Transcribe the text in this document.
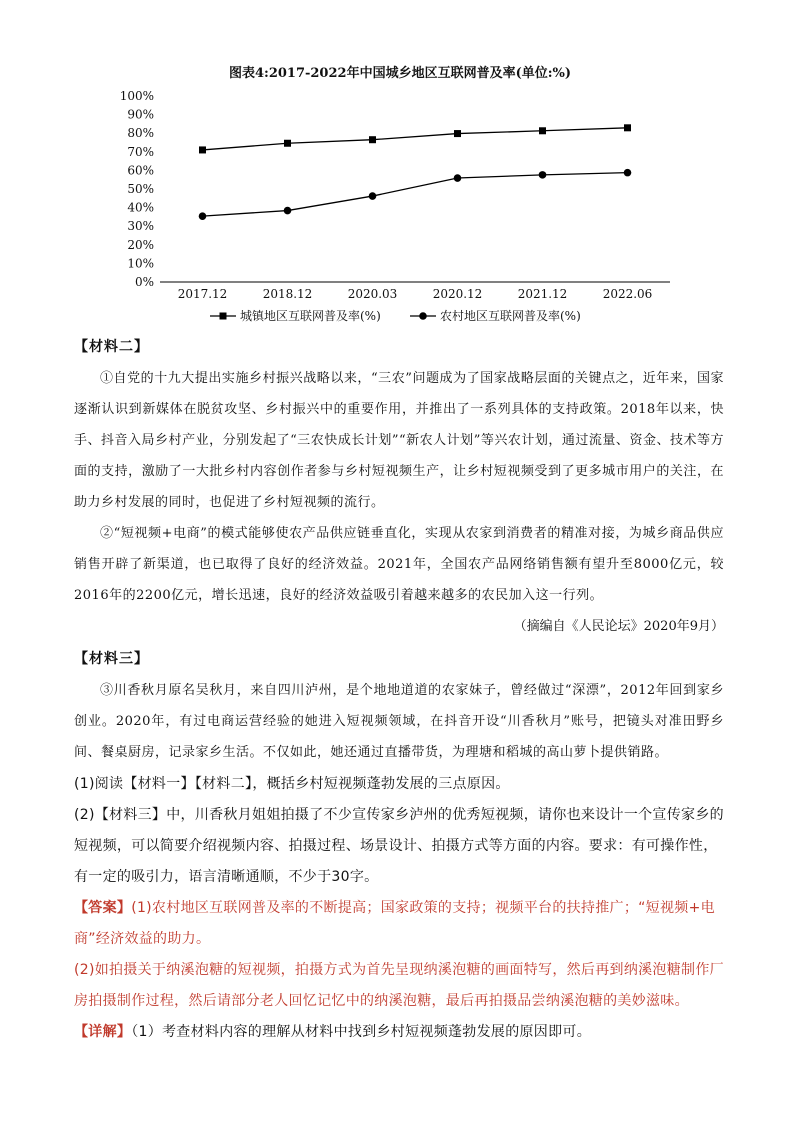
图表4:2017-2022年中国城乡地区互联网普及率(单位:%)
100%
90%
80%
70%
60%
50%
40%
30%
20%
10%
0%
2017.12	2018.12	2020.03	2020.12	2021.12	2022.06
城镇地区互联网普及率(%)	农村地区互联网普及率(%)
【材料二】
①自党的十九大提出实施乡村振兴战略以来，“三农”问题成为了国家战略层面的关键点之，近年来，国家逐渐认识到新媒体在脱贫攻坚、乡村振兴中的重要作用，并推出了一系列具体的支持政策。2018年以来，快手、抖音入局乡村产业，分别发起了“三农快成长计划”“新农人计划”等兴农计划，通过流量、资金、技术等方面的支持，激励了一大批乡村内容创作者参与乡村短视频生产，让乡村短视频受到了更多城市用户的关注，在助力乡村发展的同时，也促进了乡村短视频的流行。
②“短视频+电商”的模式能够使农产品供应链垂直化，实现从农家到消费者的精准对接，为城乡商品供应销售开辟了新渠道，也已取得了良好的经济效益。2021年，全国农产品网络销售额有望升至8000亿元，较2016年的2200亿元，增长迅速，良好的经济效益吸引着越来越多的农民加入这一行列。
（摘编自《人民论坛》2020年9月）
【材料三】
③川香秋月原名吴秋月，来自四川泸州，是个地地道道的农家妹子，曾经做过“深漂”，2012年回到家乡创业。2020年，有过电商运营经验的她进入短视频领域，在抖音开设“川香秋月”账号，把镜头对准田野乡间、餐桌厨房，记录家乡生活。不仅如此，她还通过直播带货，为理塘和稻城的高山萝卜提供销路。
(1)阅读【材料一】【材料二】，概括乡村短视频蓬勃发展的三点原因。
(2)【材料三】中，川香秋月姐姐拍摄了不少宣传家乡泸州的优秀短视频，请你也来设计一个宣传家乡的短视频，可以简要介绍视频内容、拍摄过程、场景设计、拍摄方式等方面的内容。要求：有可操作性，有一定的吸引力，语言清晰通顺，不少于30字。
【答案】(1)农村地区互联网普及率的不断提高；国家政策的支持；视频平台的扶持推广；“短视频+电商”经济效益的助力。
(2)如拍摄关于纳溪泡糖的短视频，拍摄方式为首先呈现纳溪泡糖的画面特写，然后再到纳溪泡糖制作厂房拍摄制作过程，然后请部分老人回忆记忆中的纳溪泡糖，最后再拍摄品尝纳溪泡糖的美妙滋味。
【详解】（1）考查材料内容的理解从材料中找到乡村短视频蓬勃发展的原因即可。
